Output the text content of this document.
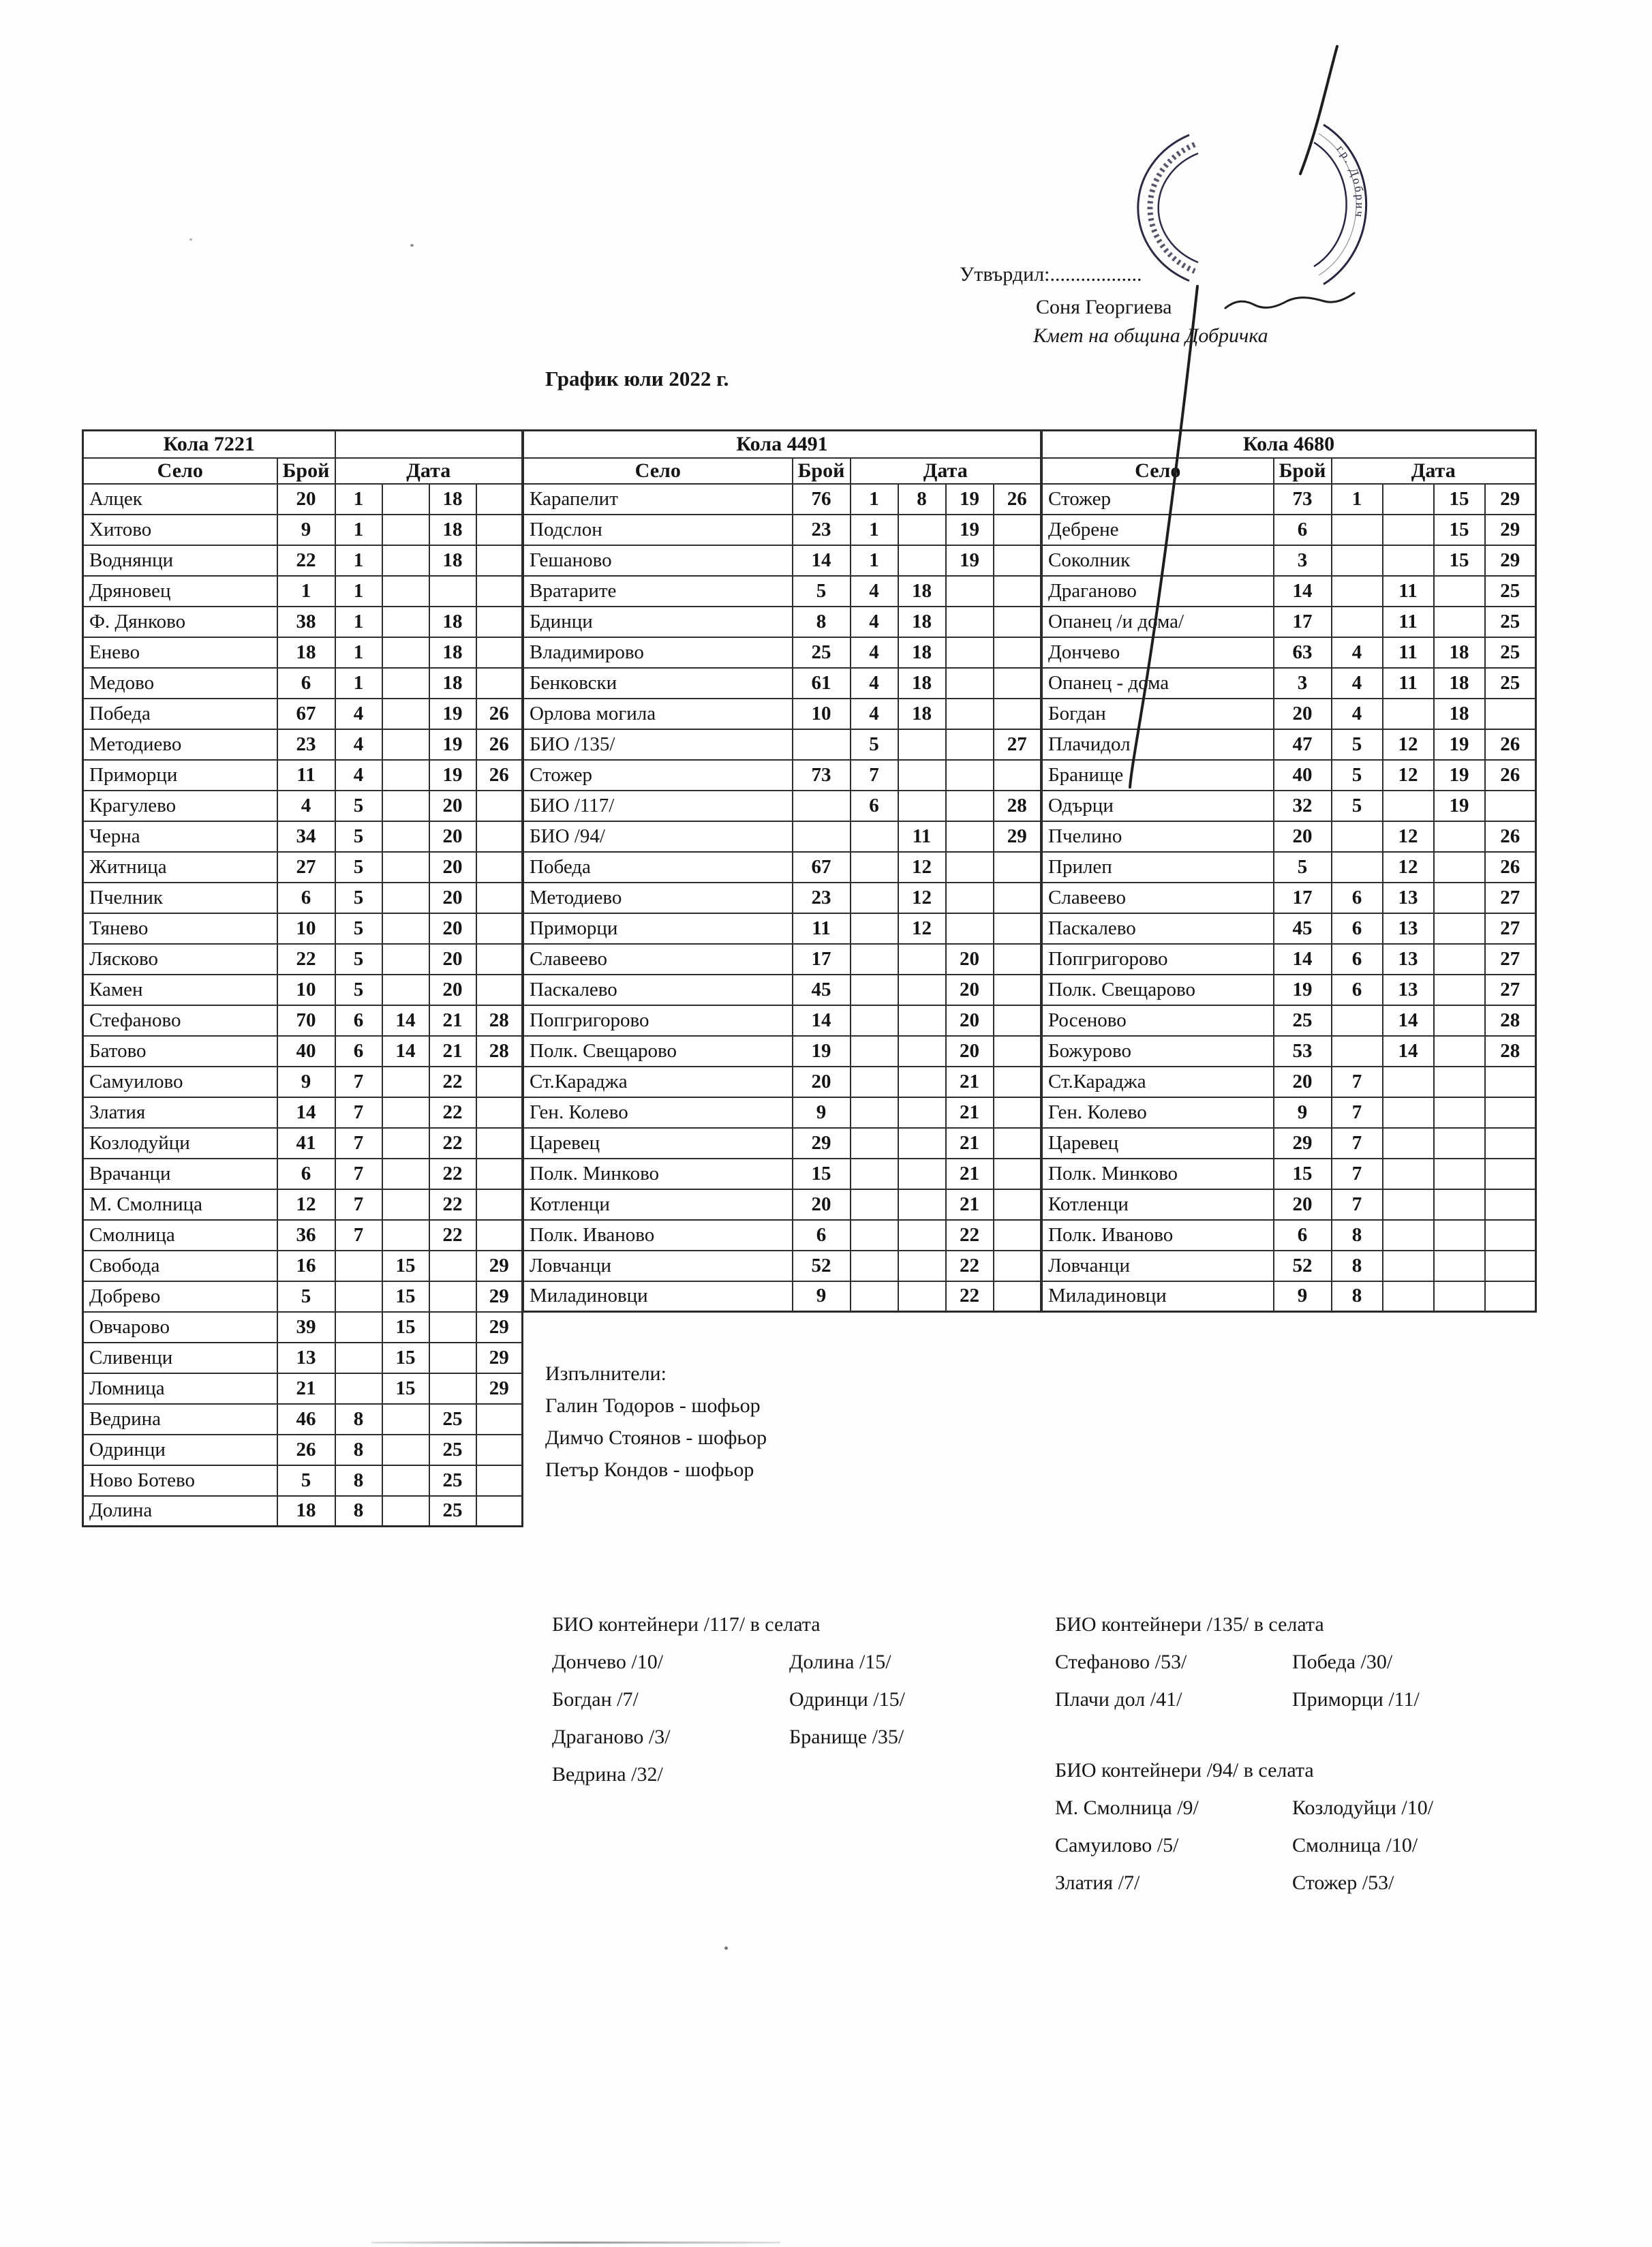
Утвърдил:..................
Соня Георгиева
Кмет на община Добричка
График юли 2022 г.
Кола 7221					
Село	Брой	Дата			
Алцек	20	1		18	
Хитово	9	1		18	
Воднянци	22	1		18	
Дряновец	1	1			
Ф. Дянково	38	1		18	
Енево	18	1		18	
Медово	6	1		18	
Победа	67	4		19	26
Методиево	23	4		19	26
Приморци	11	4		19	26
Крагулево	4	5		20	
Черна	34	5		20	
Житница	27	5		20	
Пчелник	6	5		20	
Тянево	10	5		20	
Лясково	22	5		20	
Камен	10	5		20	
Стефаново	70	6	14	21	28
Батово	40	6	14	21	28
Самуилово	9	7		22	
Златия	14	7		22	
Козлодуйци	41	7		22	
Врачанци	6	7		22	
М. Смолница	12	7		22	
Смолница	36	7		22	
Свобода	16		15		29
Добрево	5		15		29
Овчарово	39		15		29
Сливенци	13		15		29
Ломница	21		15		29
Ведрина	46	8		25	
Одринци	26	8		25	
Ново Ботево	5	8		25	
Долина	18	8		25	
Кола 4491					
Село	Брой	Дата			
Карапелит	76	1	8	19	26
Подслон	23	1		19	
Гешаново	14	1		19	
Вратарите	5	4	18		
Бдинци	8	4	18		
Владимирово	25	4	18		
Бенковски	61	4	18		
Орлова могила	10	4	18		
БИО /135/		5			27
Стожер	73	7			
БИО /117/		6			28
БИО /94/			11		29
Победа	67		12		
Методиево	23		12		
Приморци	11		12		
Славеево	17			20	
Паскалево	45			20	
Попгригорово	14			20	
Полк. Свещарово	19			20	
Ст.Караджа	20			21	
Ген. Колево	9			21	
Царевец	29			21	
Полк. Минково	15			21	
Котленци	20			21	
Полк. Иваново	6			22	
Ловчанци	52			22	
Миладиновци	9			22	
Кола 4680					
Село	Брой	Дата			
Стожер	73	1		15	29
Дебрене	6			15	29
Соколник	3			15	29
Драганово	14		11		25
Опанец /и дома/	17		11		25
Дончево	63	4	11	18	25
Опанец - дома	3	4	11	18	25
Богдан	20	4		18	
Плачидол	47	5	12	19	26
Бранище	40	5	12	19	26
Одърци	32	5		19	
Пчелино	20		12		26
Прилеп	5		12		26
Славеево	17	6	13		27
Паскалево	45	6	13		27
Попгригорово	14	6	13		27
Полк. Свещарово	19	6	13		27
Росеново	25		14		28
Божурово	53		14		28
Ст.Караджа	20	7			
Ген. Колево	9	7			
Царевец	29	7			
Полк. Минково	15	7			
Котленци	20	7			
Полк. Иваново	6	8			
Ловчанци	52	8			
Миладиновци	9	8			
Изпълнители:
Галин Тодоров - шофьор
Димчо Стоянов - шофьор
Петър Кондов - шофьор
БИО контейнери /117/ в селата
Дончево /10/
Богдан /7/
Драганово /3/
Ведрина /32/
Долина /15/
Одринци /15/
Бранище /35/
БИО контейнери /135/ в селата
Стефаново /53/
Плачи дол /41/
Победа /30/
Приморци /11/
БИО контейнери /94/ в селата
М. Смолница /9/
Самуилово /5/
Златия /7/
Козлодуйци /10/
Смолница /10/
Стожер /53/
гр. Добрич
